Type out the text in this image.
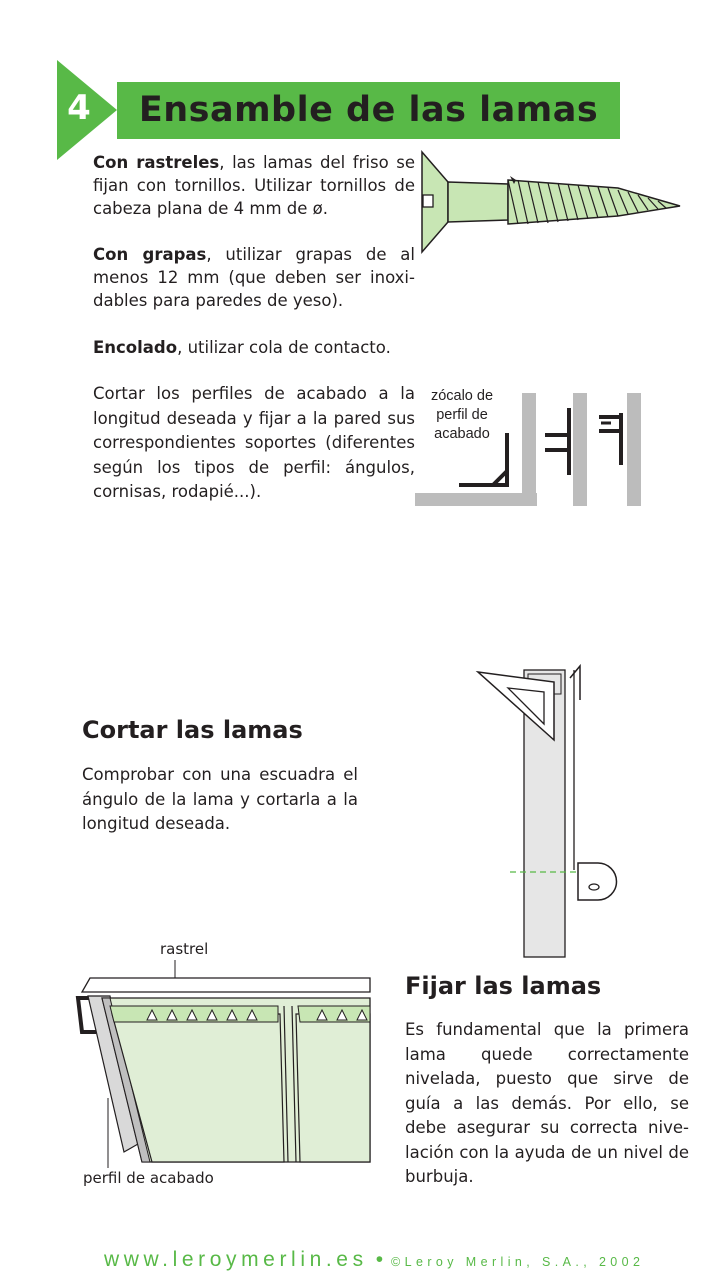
4	Ensamble de las lamas
Con rastreles, las lamas del friso se fijan con tornillos. Utilizar tornillos de cabeza plana de 4 mm de ø.
Con grapas, utilizar grapas de al menos 12 mm (que deben ser inoxidables para paredes de yeso).
Encolado, utilizar cola de contacto.
Cortar los perfiles de acabado a la longitud deseada y fijar a la pared sus correspondientes soportes (diferentes según los tipos de perfil: ángulos, cornisas, rodapié...).
zócalo de perfil de acabado
Cortar las lamas
Comprobar con una escuadra el ángulo de la lama y cortarla a la longitud deseada.
rastrel
perfil de acabado
Fijar las lamas
Es fundamental que la primera lama quede correctamente nivelada, puesto que sirve de guía a las demás. Por ello, se debe asegurar su correcta nivelación con la ayuda de un nivel de burbuja.
www.leroymerlin.es • ©Leroy Merlin, S.A., 2002
